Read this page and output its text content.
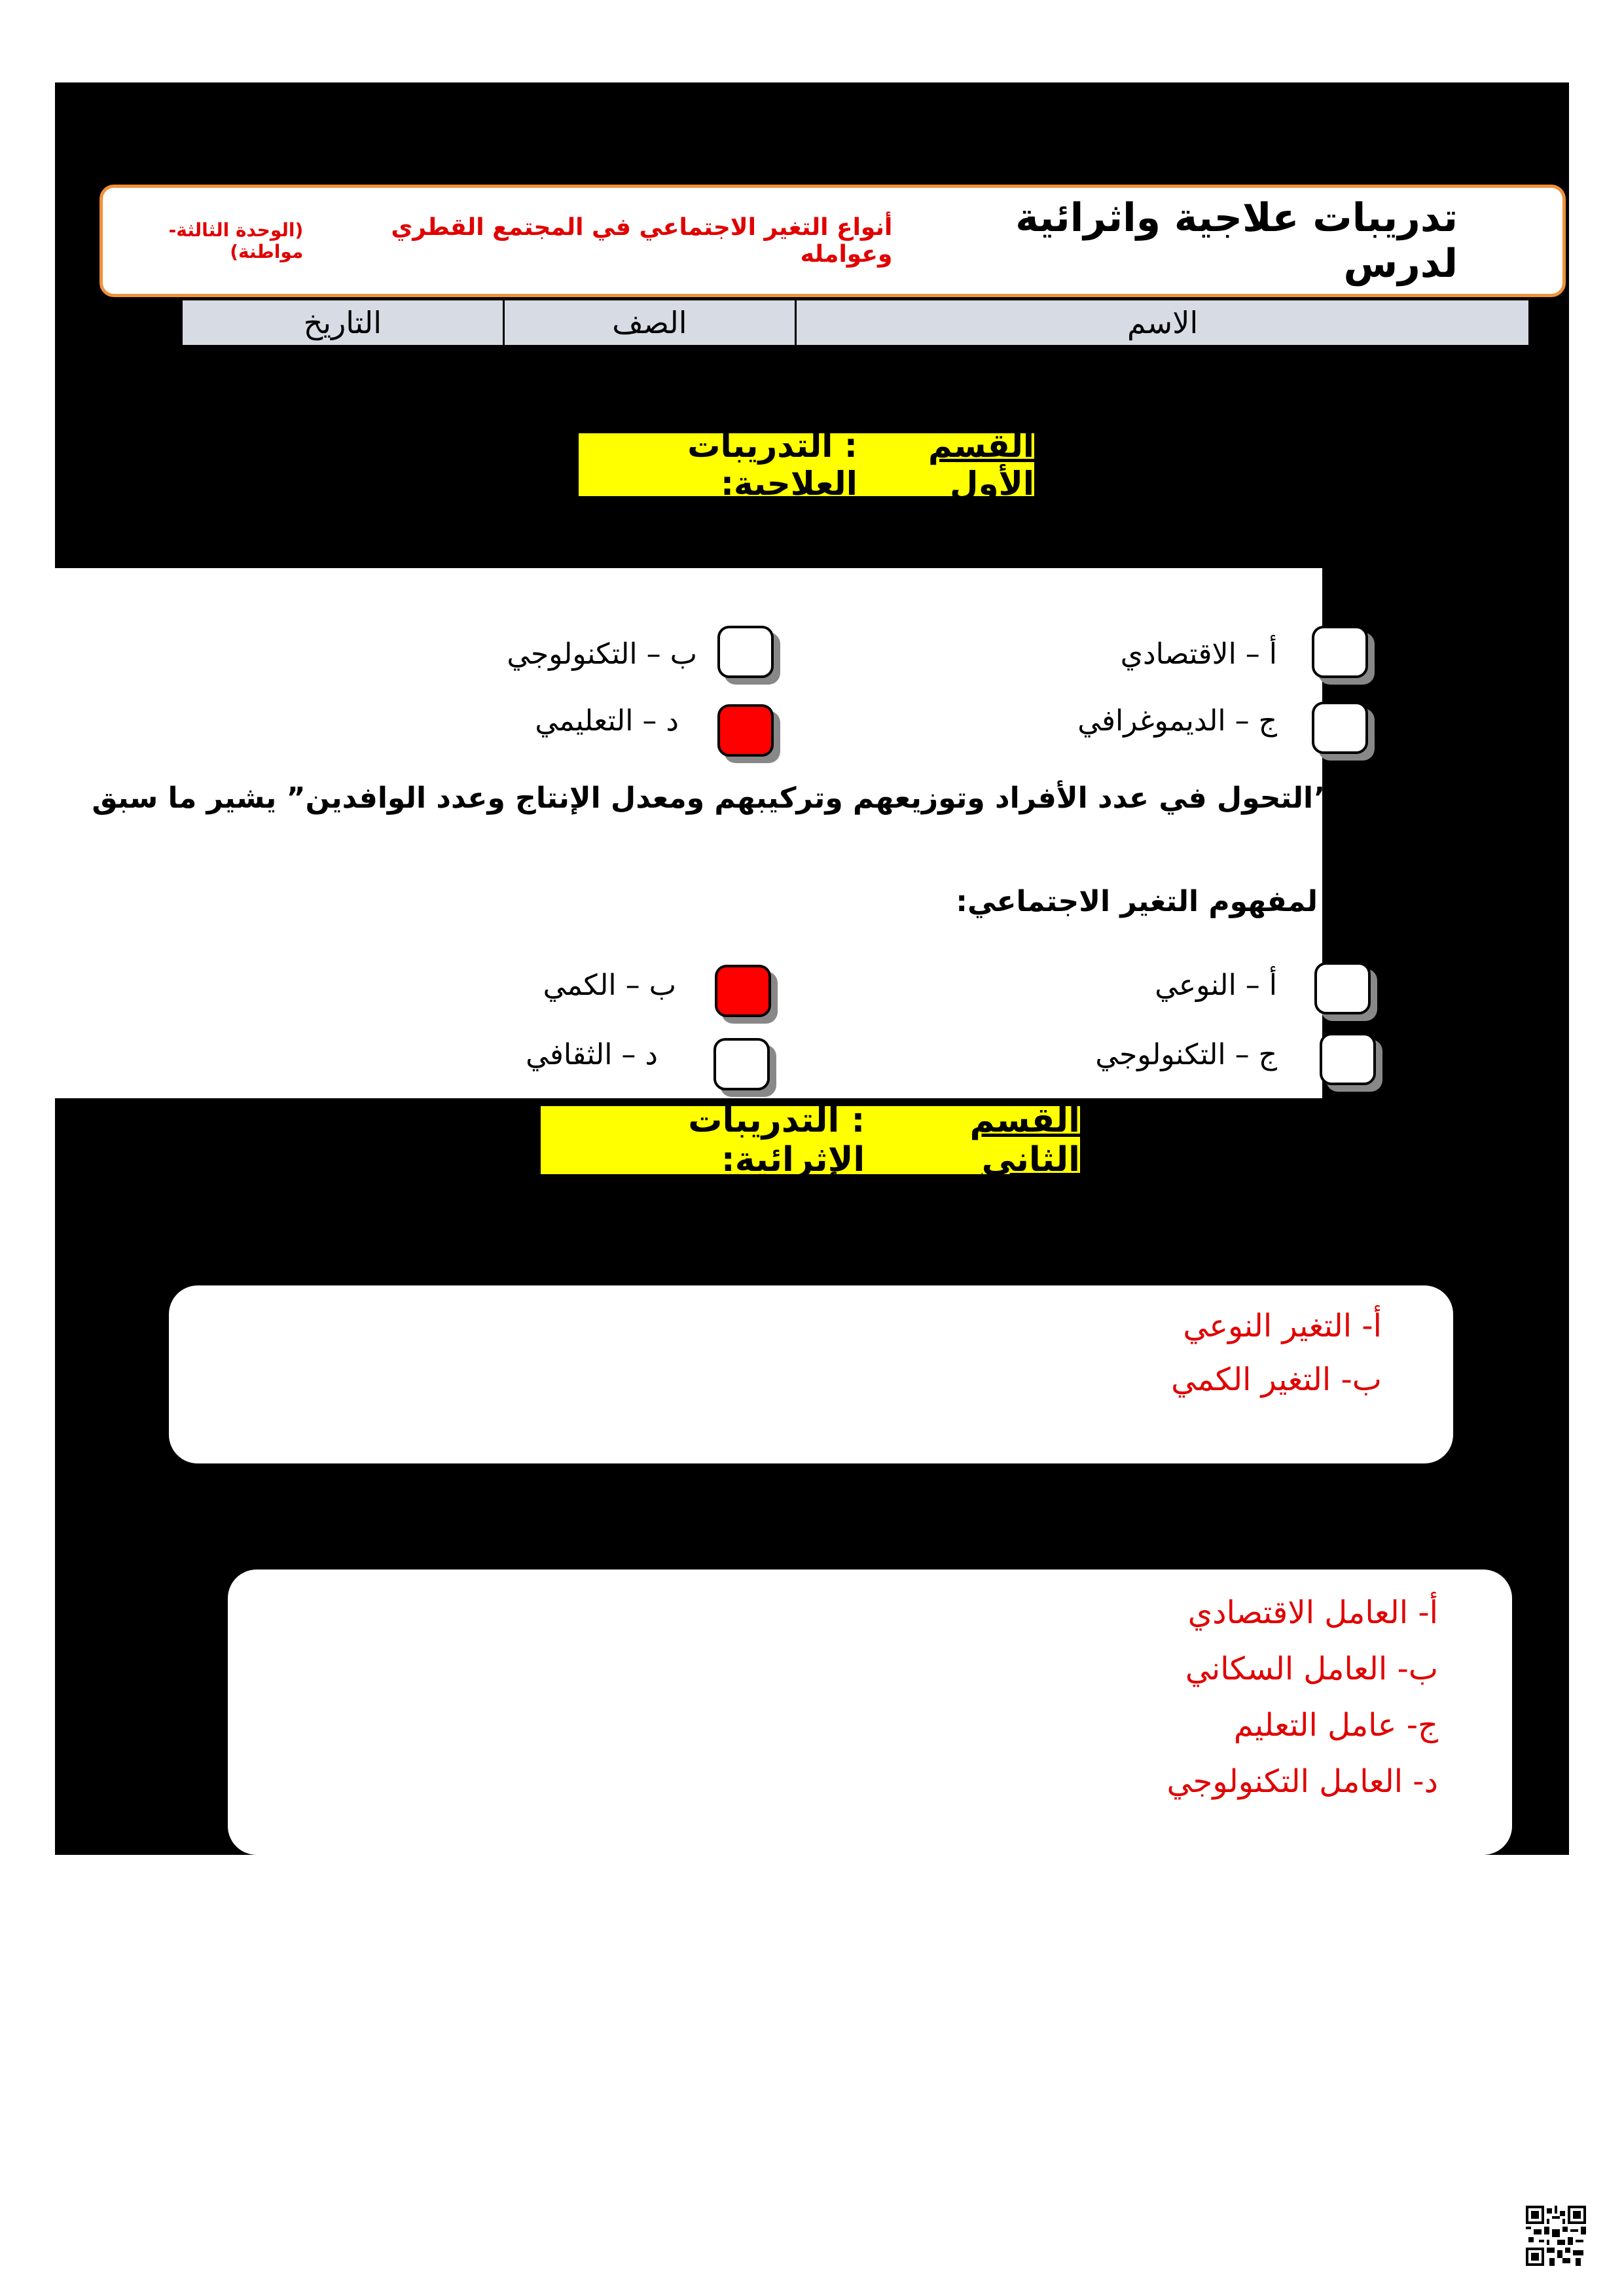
تدريبات علاجية واثرائية لدرس
أنواع التغير الاجتماعي في المجتمع القطري وعوامله
(الوحدة الثالثة-مواطنة)
الاسم
الصف
التاريخ
القسم الأول
: التدريبات العلاجية:
أ – الاقتصادي
ب – التكنولوجي
ج – الديموغرافي
د – التعليمي
2.
”التحول في عدد الأفراد وتوزيعهم وتركيبهم ومعدل الإنتاج وعدد الوافدين” يشير ما سبق
لمفهوم التغير الاجتماعي:
أ – النوعي
ب – الكمي
ج – التكنولوجي
د – الثقافي
القسم الثاني
: التدريبات الإثرائية:
أ- التغير النوعي
ب- التغير الكمي
أ- العامل الاقتصادي
ب- العامل السكاني
ج- عامل التعليم
د- العامل التكنولوجي
